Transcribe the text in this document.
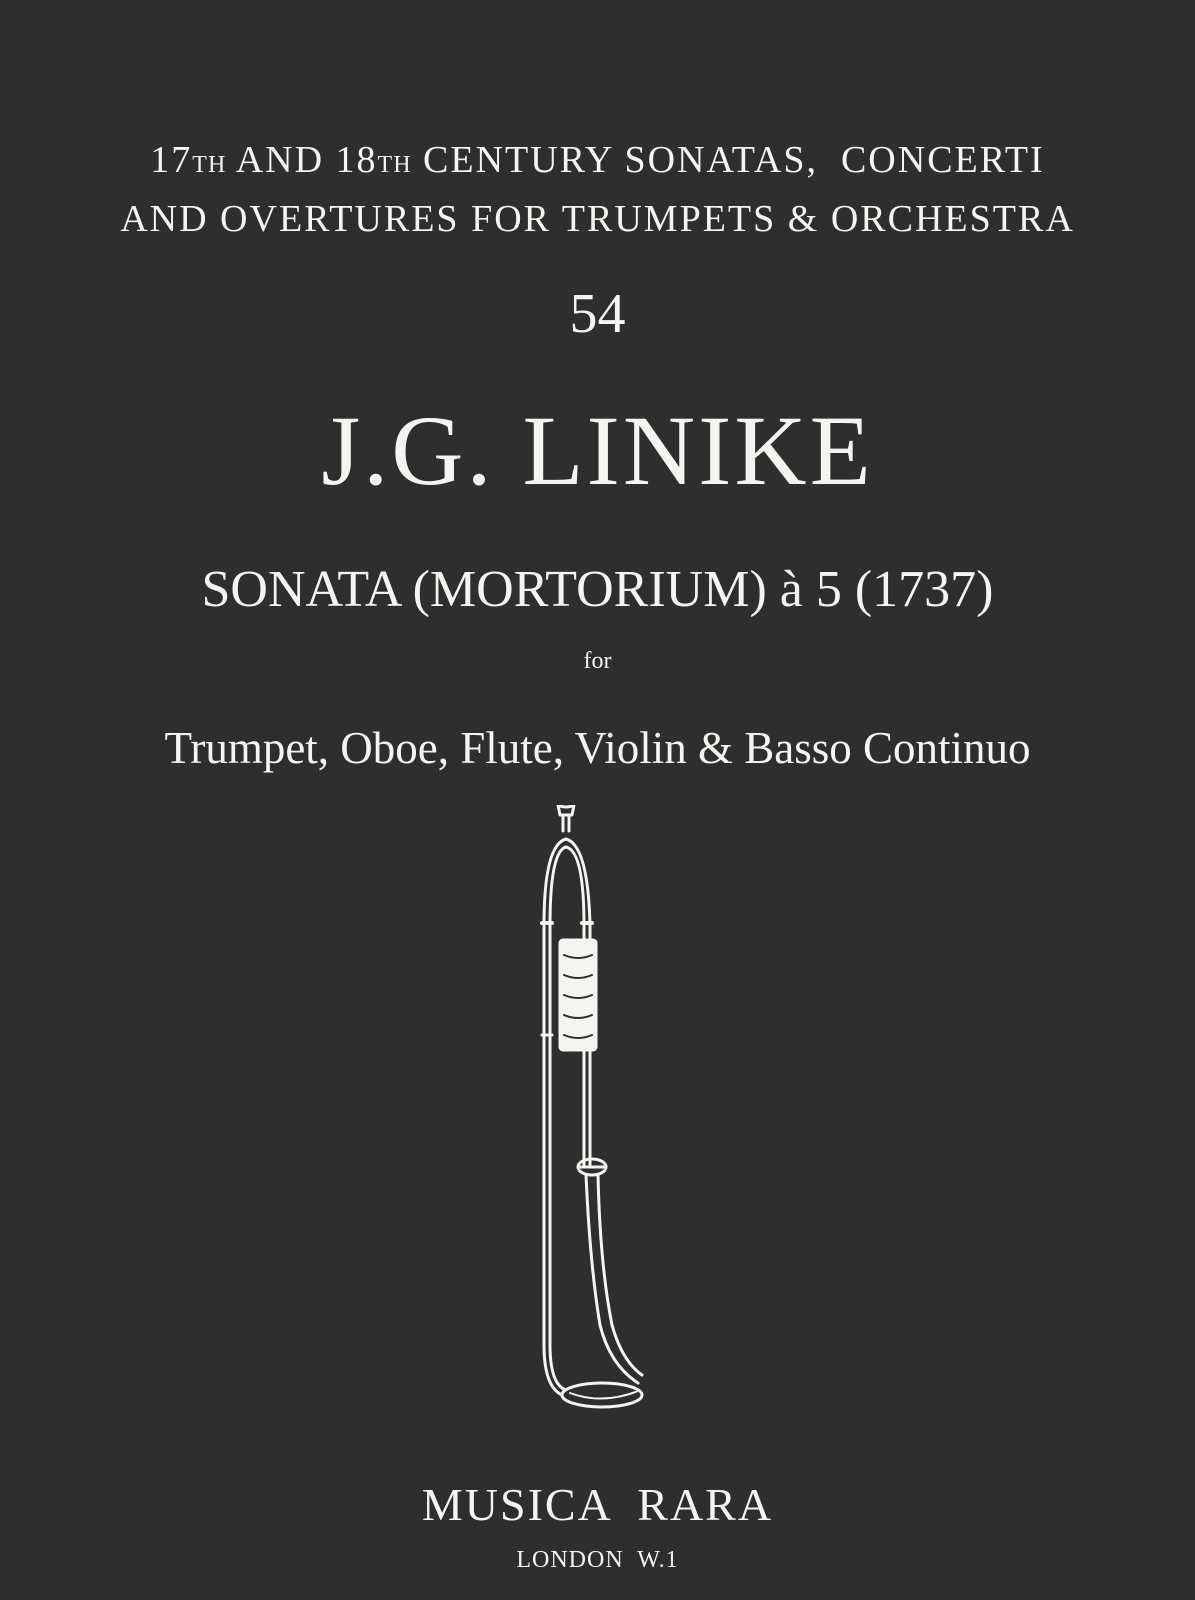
17TH AND 18TH CENTURY SONATAS,  CONCERTI
AND OVERTURES FOR TRUMPETS & ORCHESTRA
54
J.G. LINIKE
SONATA (MORTORIUM) à 5 (1737)
for
Trumpet, Oboe, Flute, Violin & Basso Continuo
MUSICA  RARA
LONDON  W.1
